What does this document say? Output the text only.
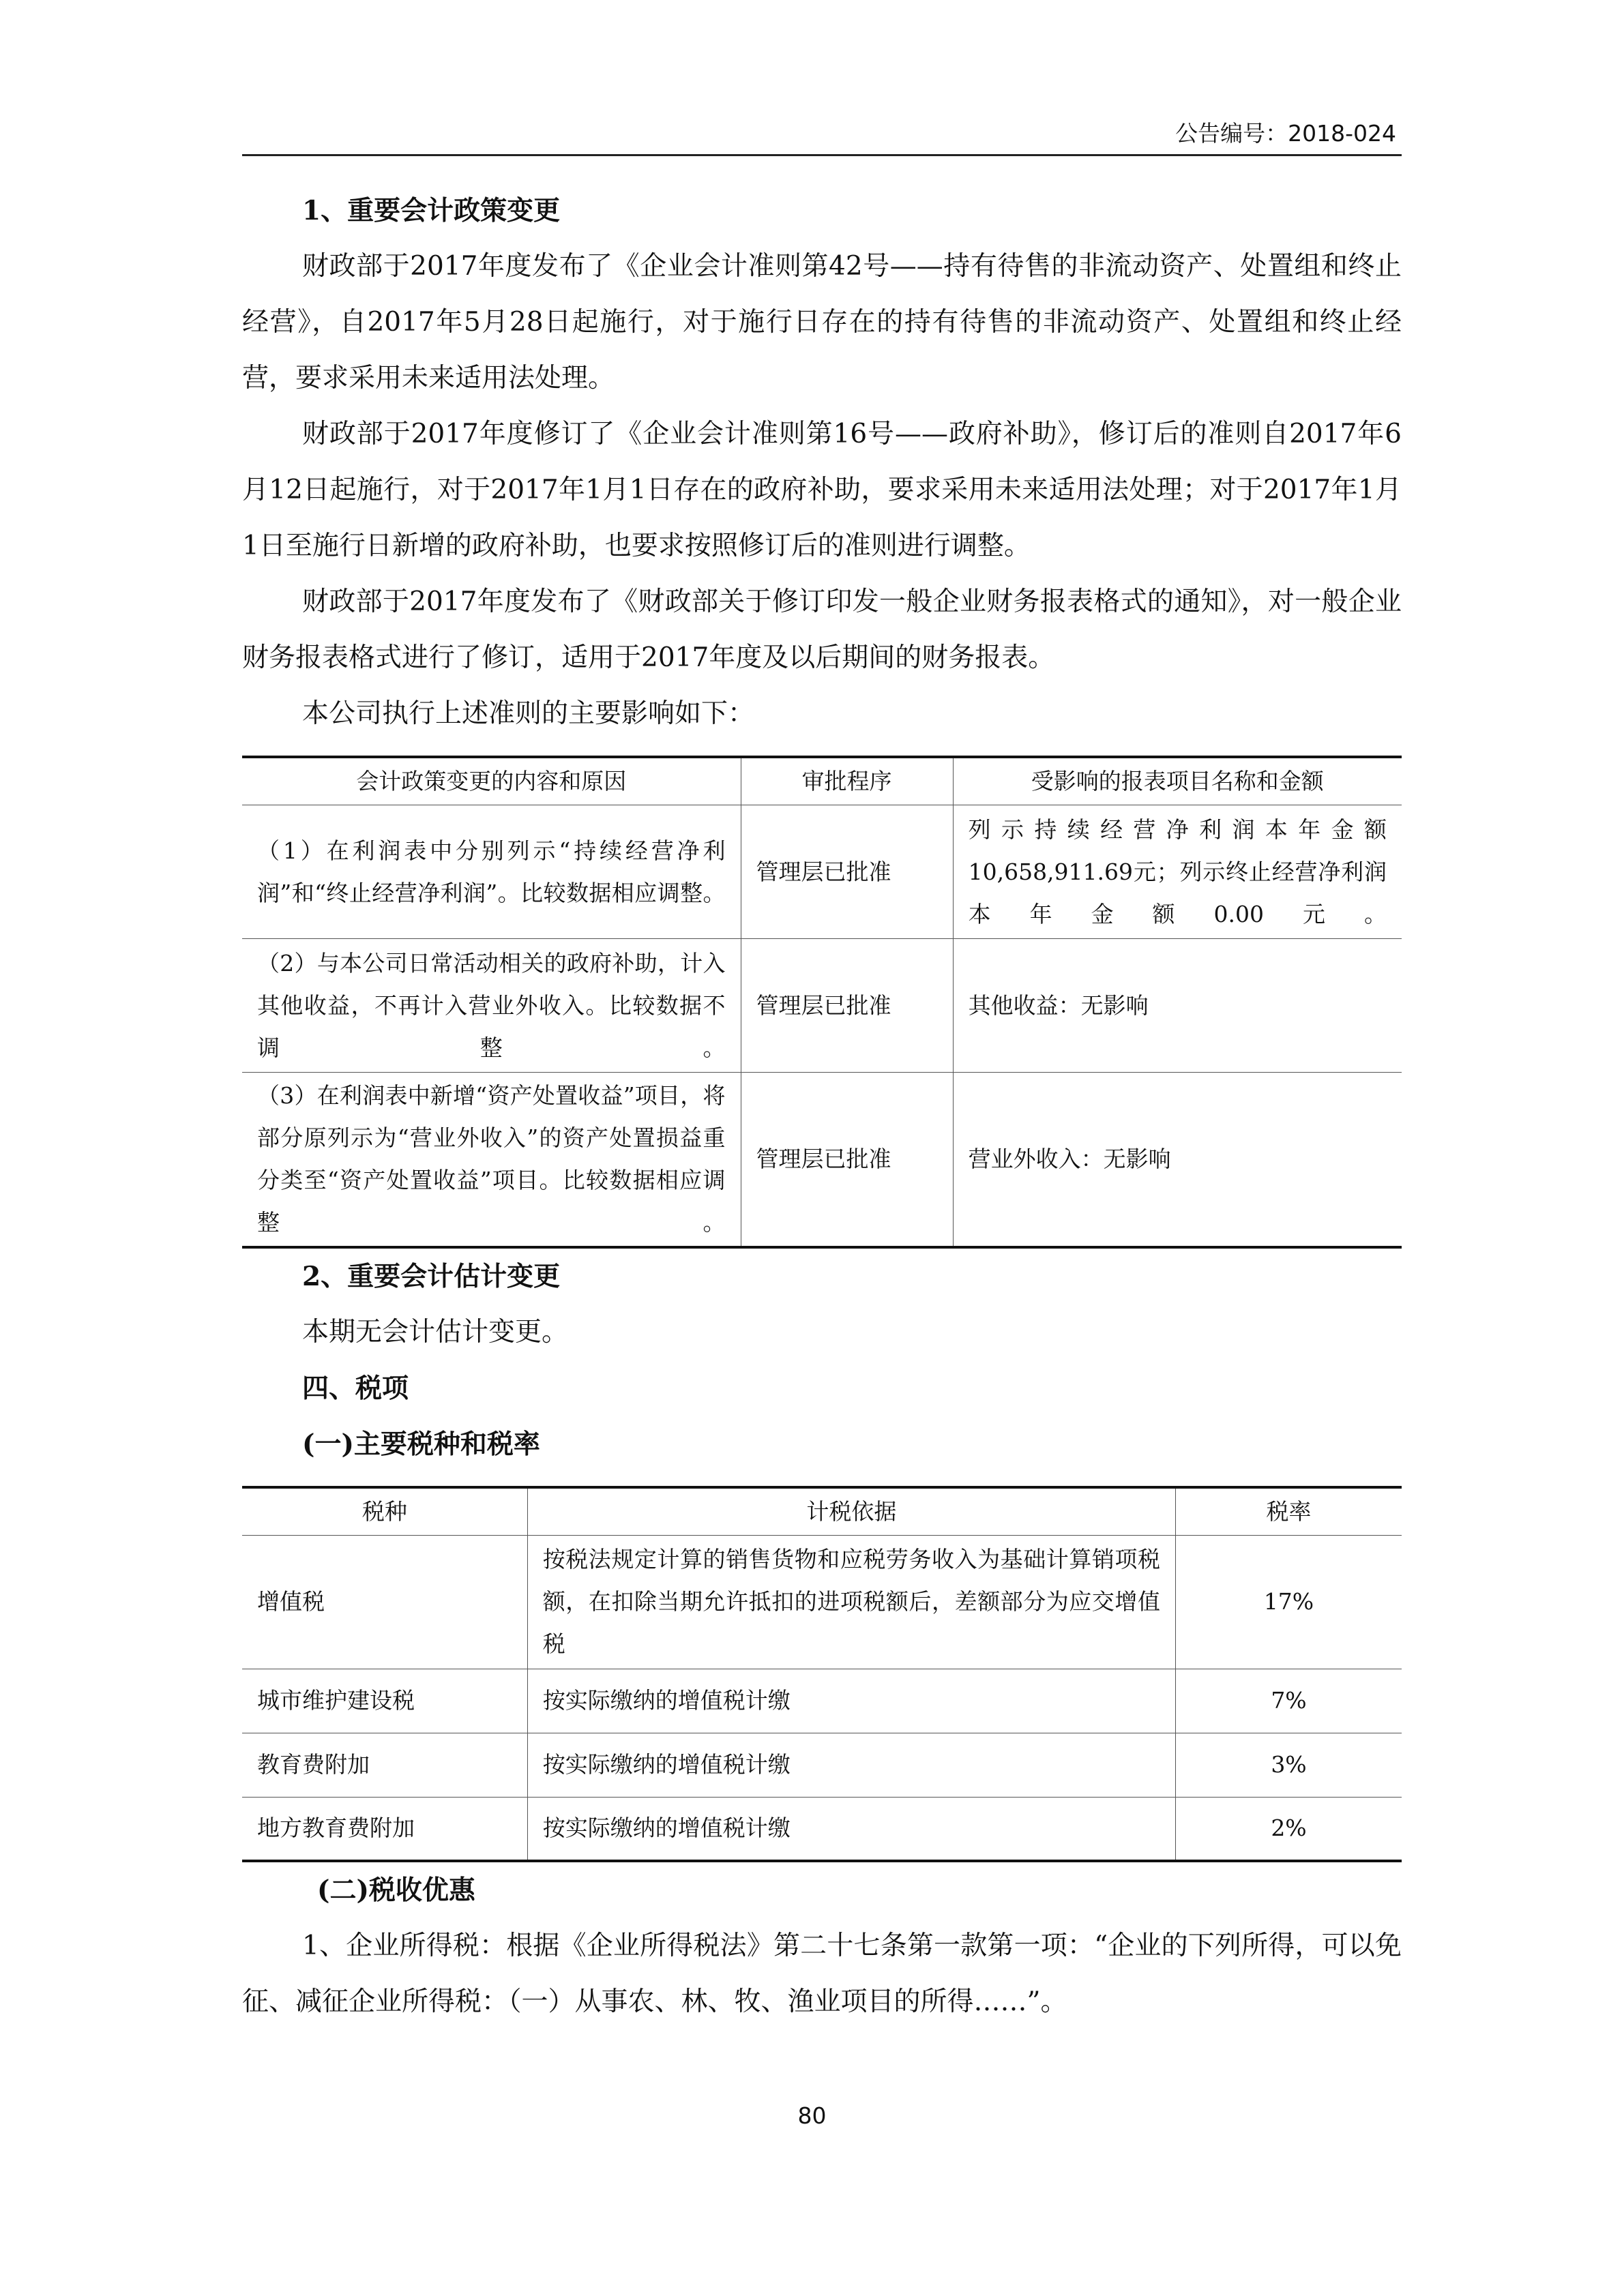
公告编号：2018-024
1、重要会计政策变更

财政部于2017年度发布了《企业会计准则第42号——持有待售的非流动资产、处置组和终止经营》，自2017年5月28日起施行，对于施行日存在的持有待售的非流动资产、处置组和终止经营，要求采用未来适用法处理。

财政部于2017年度修订了《企业会计准则第16号——政府补助》，修订后的准则自2017年6月12日起施行，对于2017年1月1日存在的政府补助，要求采用未来适用法处理；对于2017年1月1日至施行日新增的政府补助，也要求按照修订后的准则进行调整。

财政部于2017年度发布了《财政部关于修订印发一般企业财务报表格式的通知》，对一般企业财务报表格式进行了修订，适用于2017年度及以后期间的财务报表。

本公司执行上述准则的主要影响如下：

会计政策变更的内容和原因	审批程序	受影响的报表项目名称和金额
（1）在利润表中分别列示“持续经营净利润”和“终止经营净利润”。比较数据相应调整。	管理层已批准	列示持续经营净利润本年金额10,658,911.69元；列示终止经营净利润本年金额0.00元。
（2）与本公司日常活动相关的政府补助，计入其他收益，不再计入营业外收入。比较数据不调整。	管理层已批准	其他收益：无影响
（3）在利润表中新增“资产处置收益”项目，将部分原列示为“营业外收入”的资产处置损益重分类至“资产处置收益”项目。比较数据相应调整。	管理层已批准	营业外收入：无影响
2、重要会计估计变更

本期无会计估计变更。

四、税项
(一)主要税种和税率
税种	计税依据	税率
增值税	按税法规定计算的销售货物和应税劳务收入为基础计算销项税额，在扣除当期允许抵扣的进项税额后，差额部分为应交增值税	17%
城市维护建设税	按实际缴纳的增值税计缴	7%
教育费附加	按实际缴纳的增值税计缴	3%
地方教育费附加	按实际缴纳的增值税计缴	2%
(二)税收优惠

1、企业所得税：根据《企业所得税法》第二十七条第一款第一项：“企业的下列所得，可以免征、减征企业所得税：（一）从事农、林、牧、渔业项目的所得……”。

80
